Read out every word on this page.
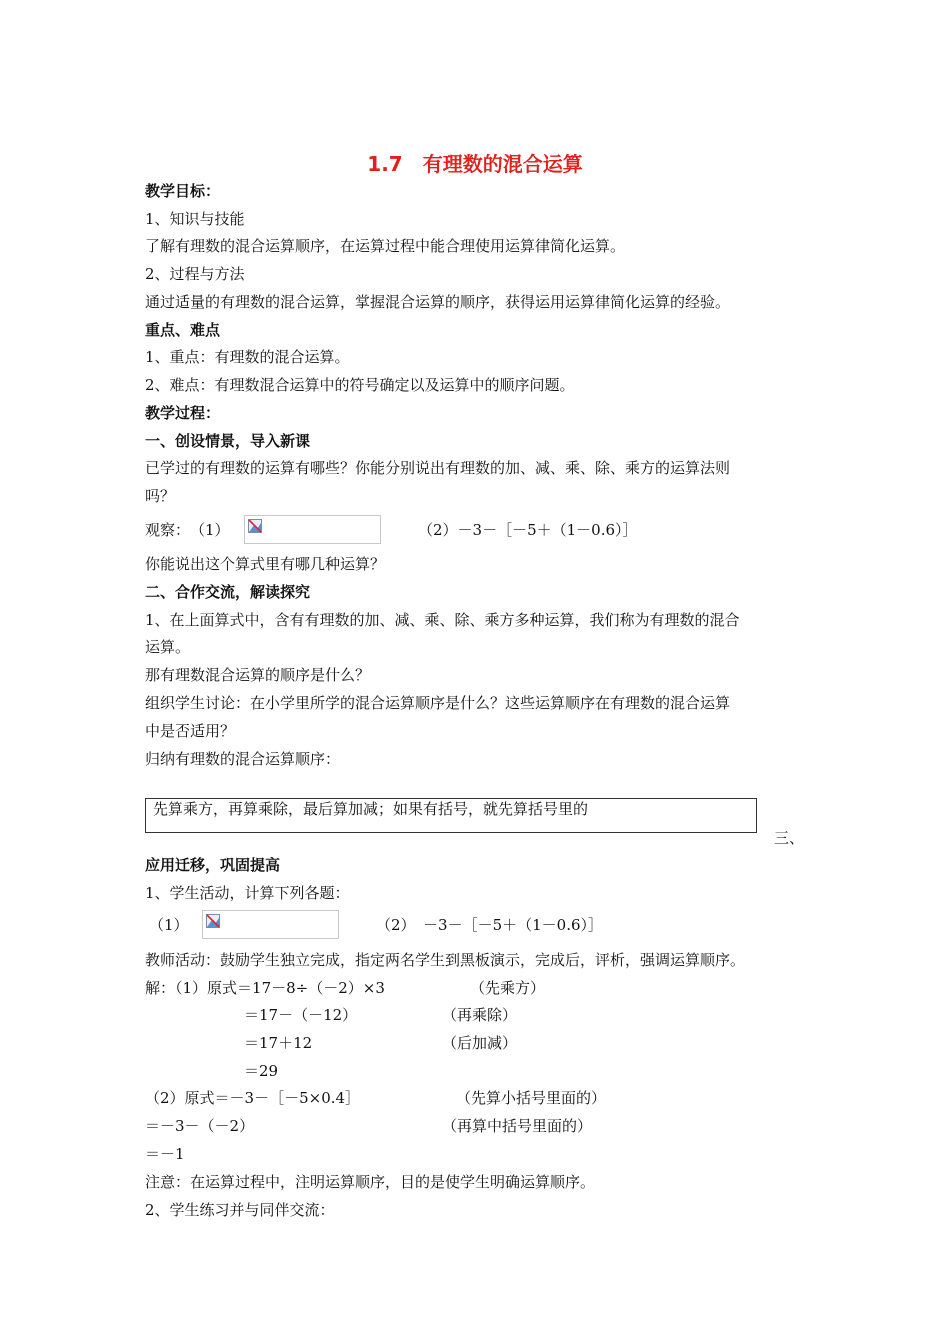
1.7　有理数的混合运算
教学目标：
1、知识与技能
了解有理数的混合运算顺序，在运算过程中能合理使用运算律简化运算。
2、过程与方法
通过适量的有理数的混合运算，掌握混合运算的顺序，获得运用运算律简化运算的经验。
重点、难点
1、重点：有理数的混合运算。
2、难点：有理数混合运算中的符号确定以及运算中的顺序问题。
教学过程：
一、创设情景，导入新课
已学过的有理数的运算有哪些？你能分别说出有理数的加、减、乘、除、乘方的运算法则
吗？
观察：　（1）	（2）－3－［－5＋（1－0.6）］
你能说出这个算式里有哪几种运算？
二、合作交流，解读探究
1、在上面算式中，含有有理数的加、减、乘、除、乘方多种运算，我们称为有理数的混合
运算。
那有理数混合运算的顺序是什么？
组织学生讨论：在小学里所学的混合运算顺序是什么？这些运算顺序在有理数的混合运算
中是否适用？
归纳有理数的混合运算顺序：
先算乘方，再算乘除，最后算加减；如果有括号，就先算括号里的
三、
应用迁移，巩固提高
1、学生活动，计算下列各题：
（1）	（2）　－3－［－5＋（1－0.6）］
教师活动：鼓励学生独立完成，指定两名学生到黑板演示，完成后，评析，强调运算顺序。
解：（1）原式＝17－8÷（－2）×3	（先乘方）
＝17－（－12）	（再乘除）
＝17＋12	（后加减）
＝29
（2）原式＝－3－［－5×0.4］	（先算小括号里面的）
＝－3－（－2）	（再算中括号里面的）
＝－1
注意：在运算过程中，注明运算顺序，目的是使学生明确运算顺序。
2、学生练习并与同伴交流：
